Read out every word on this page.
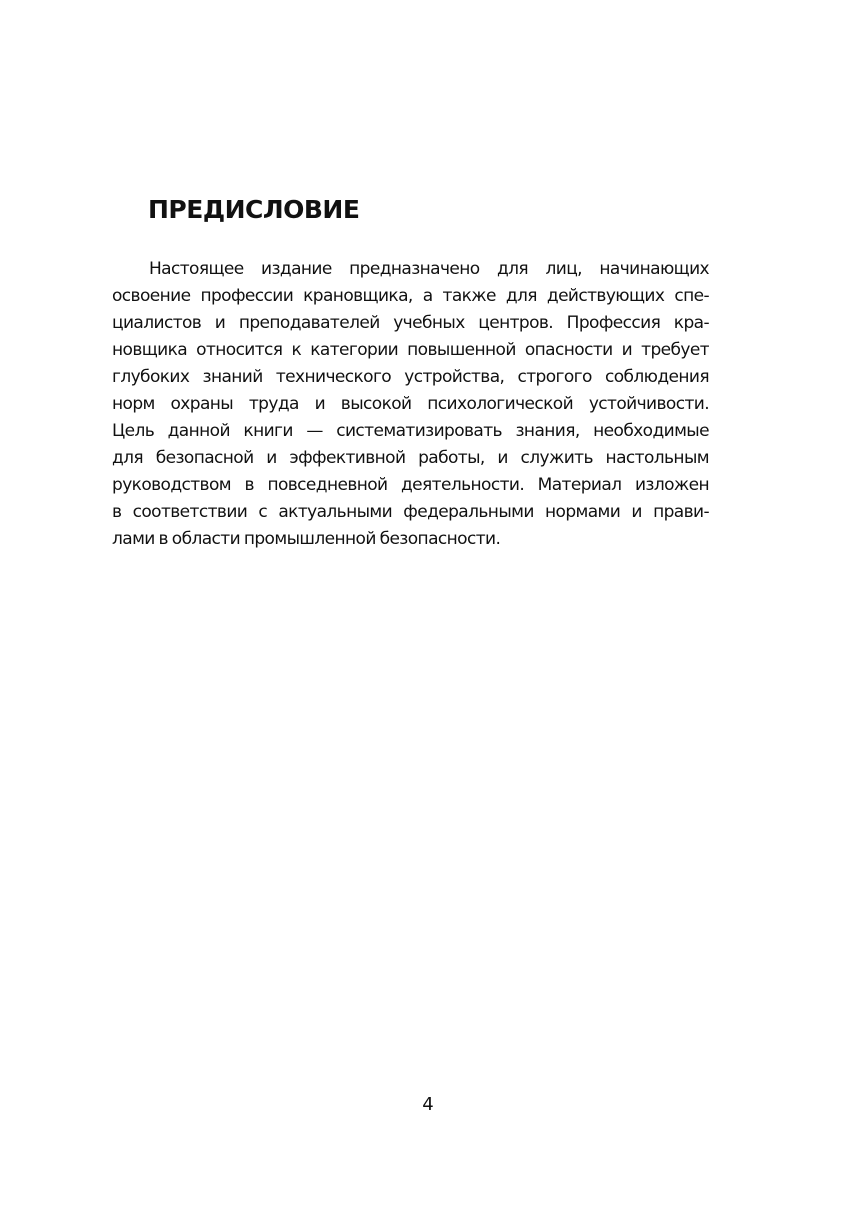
ПРЕДИСЛОВИЕ
Настоящее издание предназначено для лиц, начинающих
освоение профессии крановщика, а также для действующих спе-
циалистов и преподавателей учебных центров. Профессия кра-
новщика относится к категории повышенной опасности и требует
глубоких знаний технического устройства, строгого соблюдения
норм охраны труда и высокой психологической устойчивости.
Цель данной книги — систематизировать знания, необходимые
для безопасной и эффективной работы, и служить настольным
руководством в повседневной деятельности. Материал изложен
в соответствии с актуальными федеральными нормами и прави-
лами в области промышленной безопасности.
4
